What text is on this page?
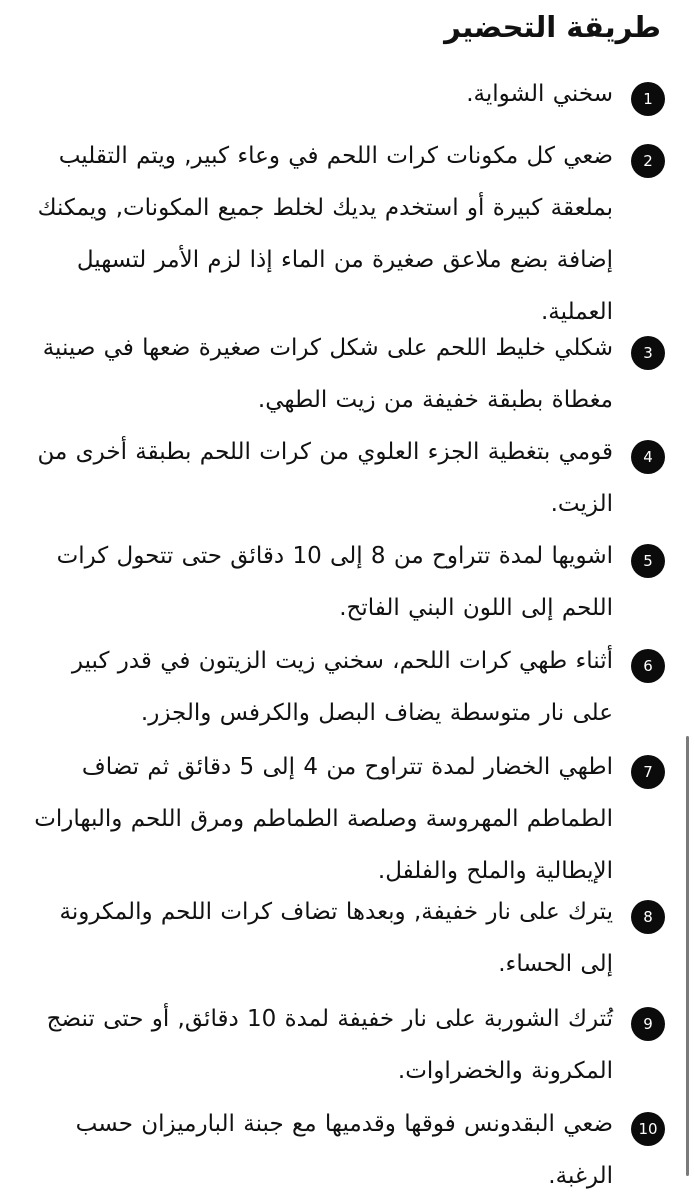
طريقة التحضير
1
سخني الشواية.
2
ضعي كل مكونات كرات اللحم في وعاء كبير, ويتم التقليب بملعقة كبيرة أو استخدم يديك لخلط جميع المكونات, ويمكنك إضافة بضع ملاعق صغيرة من الماء إذا لزم الأمر لتسهيل العملية.
3
شكلي خليط اللحم على شكل كرات صغيرة ضعها في صينية مغطاة بطبقة خفيفة من زيت الطهي.
4
قومي بتغطية الجزء العلوي من كرات اللحم بطبقة أخرى من الزيت.
5
اشويها لمدة تتراوح من 8 إلى 10 دقائق حتى تتحول كرات اللحم إلى اللون البني الفاتح.
6
أثناء طهي كرات اللحم، سخني زيت الزيتون في قدر كبير على نار متوسطة يضاف البصل والكرفس والجزر.
7
اطهي الخضار لمدة تتراوح من 4 إلى 5 دقائق ثم تضاف الطماطم المهروسة وصلصة الطماطم ومرق اللحم والبهارات الإيطالية والملح والفلفل.
8
يترك على نار خفيفة, وبعدها تضاف كرات اللحم والمكرونة إلى الحساء.
9
تُترك الشوربة على نار خفيفة لمدة 10 دقائق, أو حتى تنضج المكرونة والخضراوات.
10
ضعي البقدونس فوقها وقدميها مع جبنة البارميزان حسب الرغبة.
